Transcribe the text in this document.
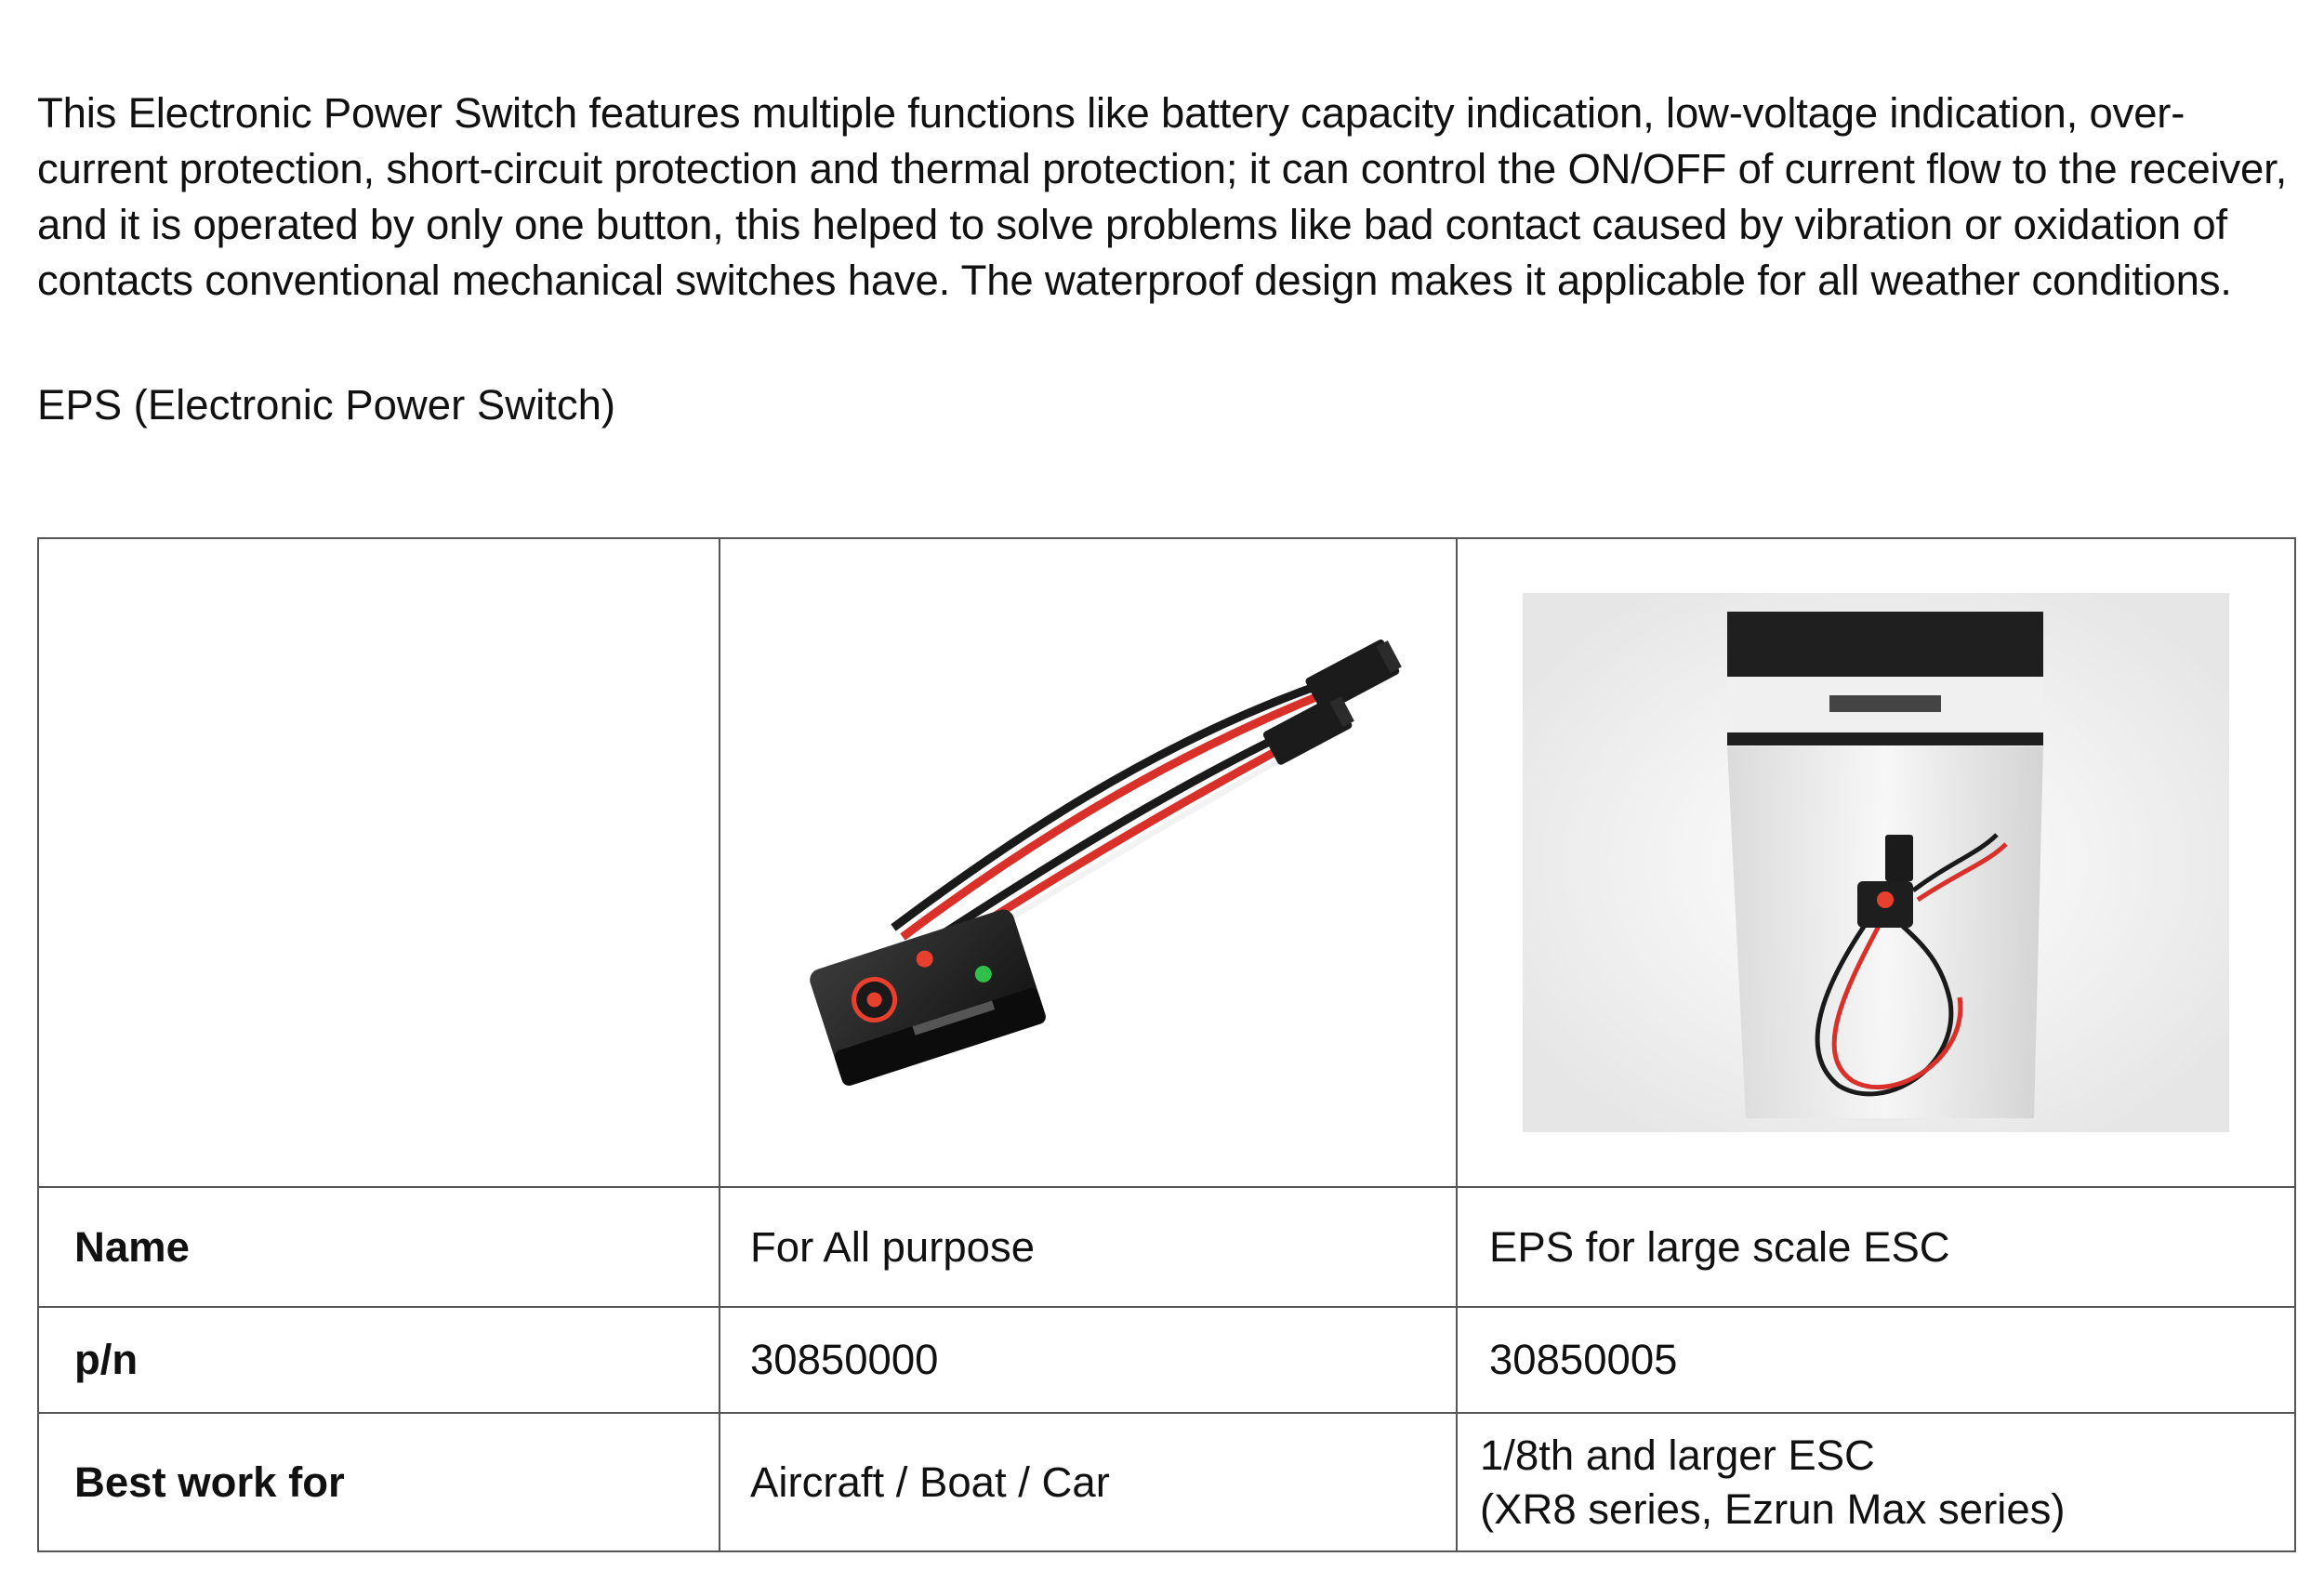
This Electronic Power Switch features multiple functions like battery capacity indication, low-voltage indication, over-current protection, short-circuit protection and thermal protection; it can control the ON/OFF of current flow to the receiver, and it is operated by only one button, this helped to solve problems like bad contact caused by vibration or oxidation of contacts conventional mechanical switches have. The waterproof design makes it applicable for all weather conditions.

EPS (Electronic Power Switch)

Name	For All purpose	EPS for large scale ESC
p/n	30850000	30850005
Best work for	Aircraft / Boat / Car	1/8th and larger ESC
(XR8 series, Ezrun Max series)
